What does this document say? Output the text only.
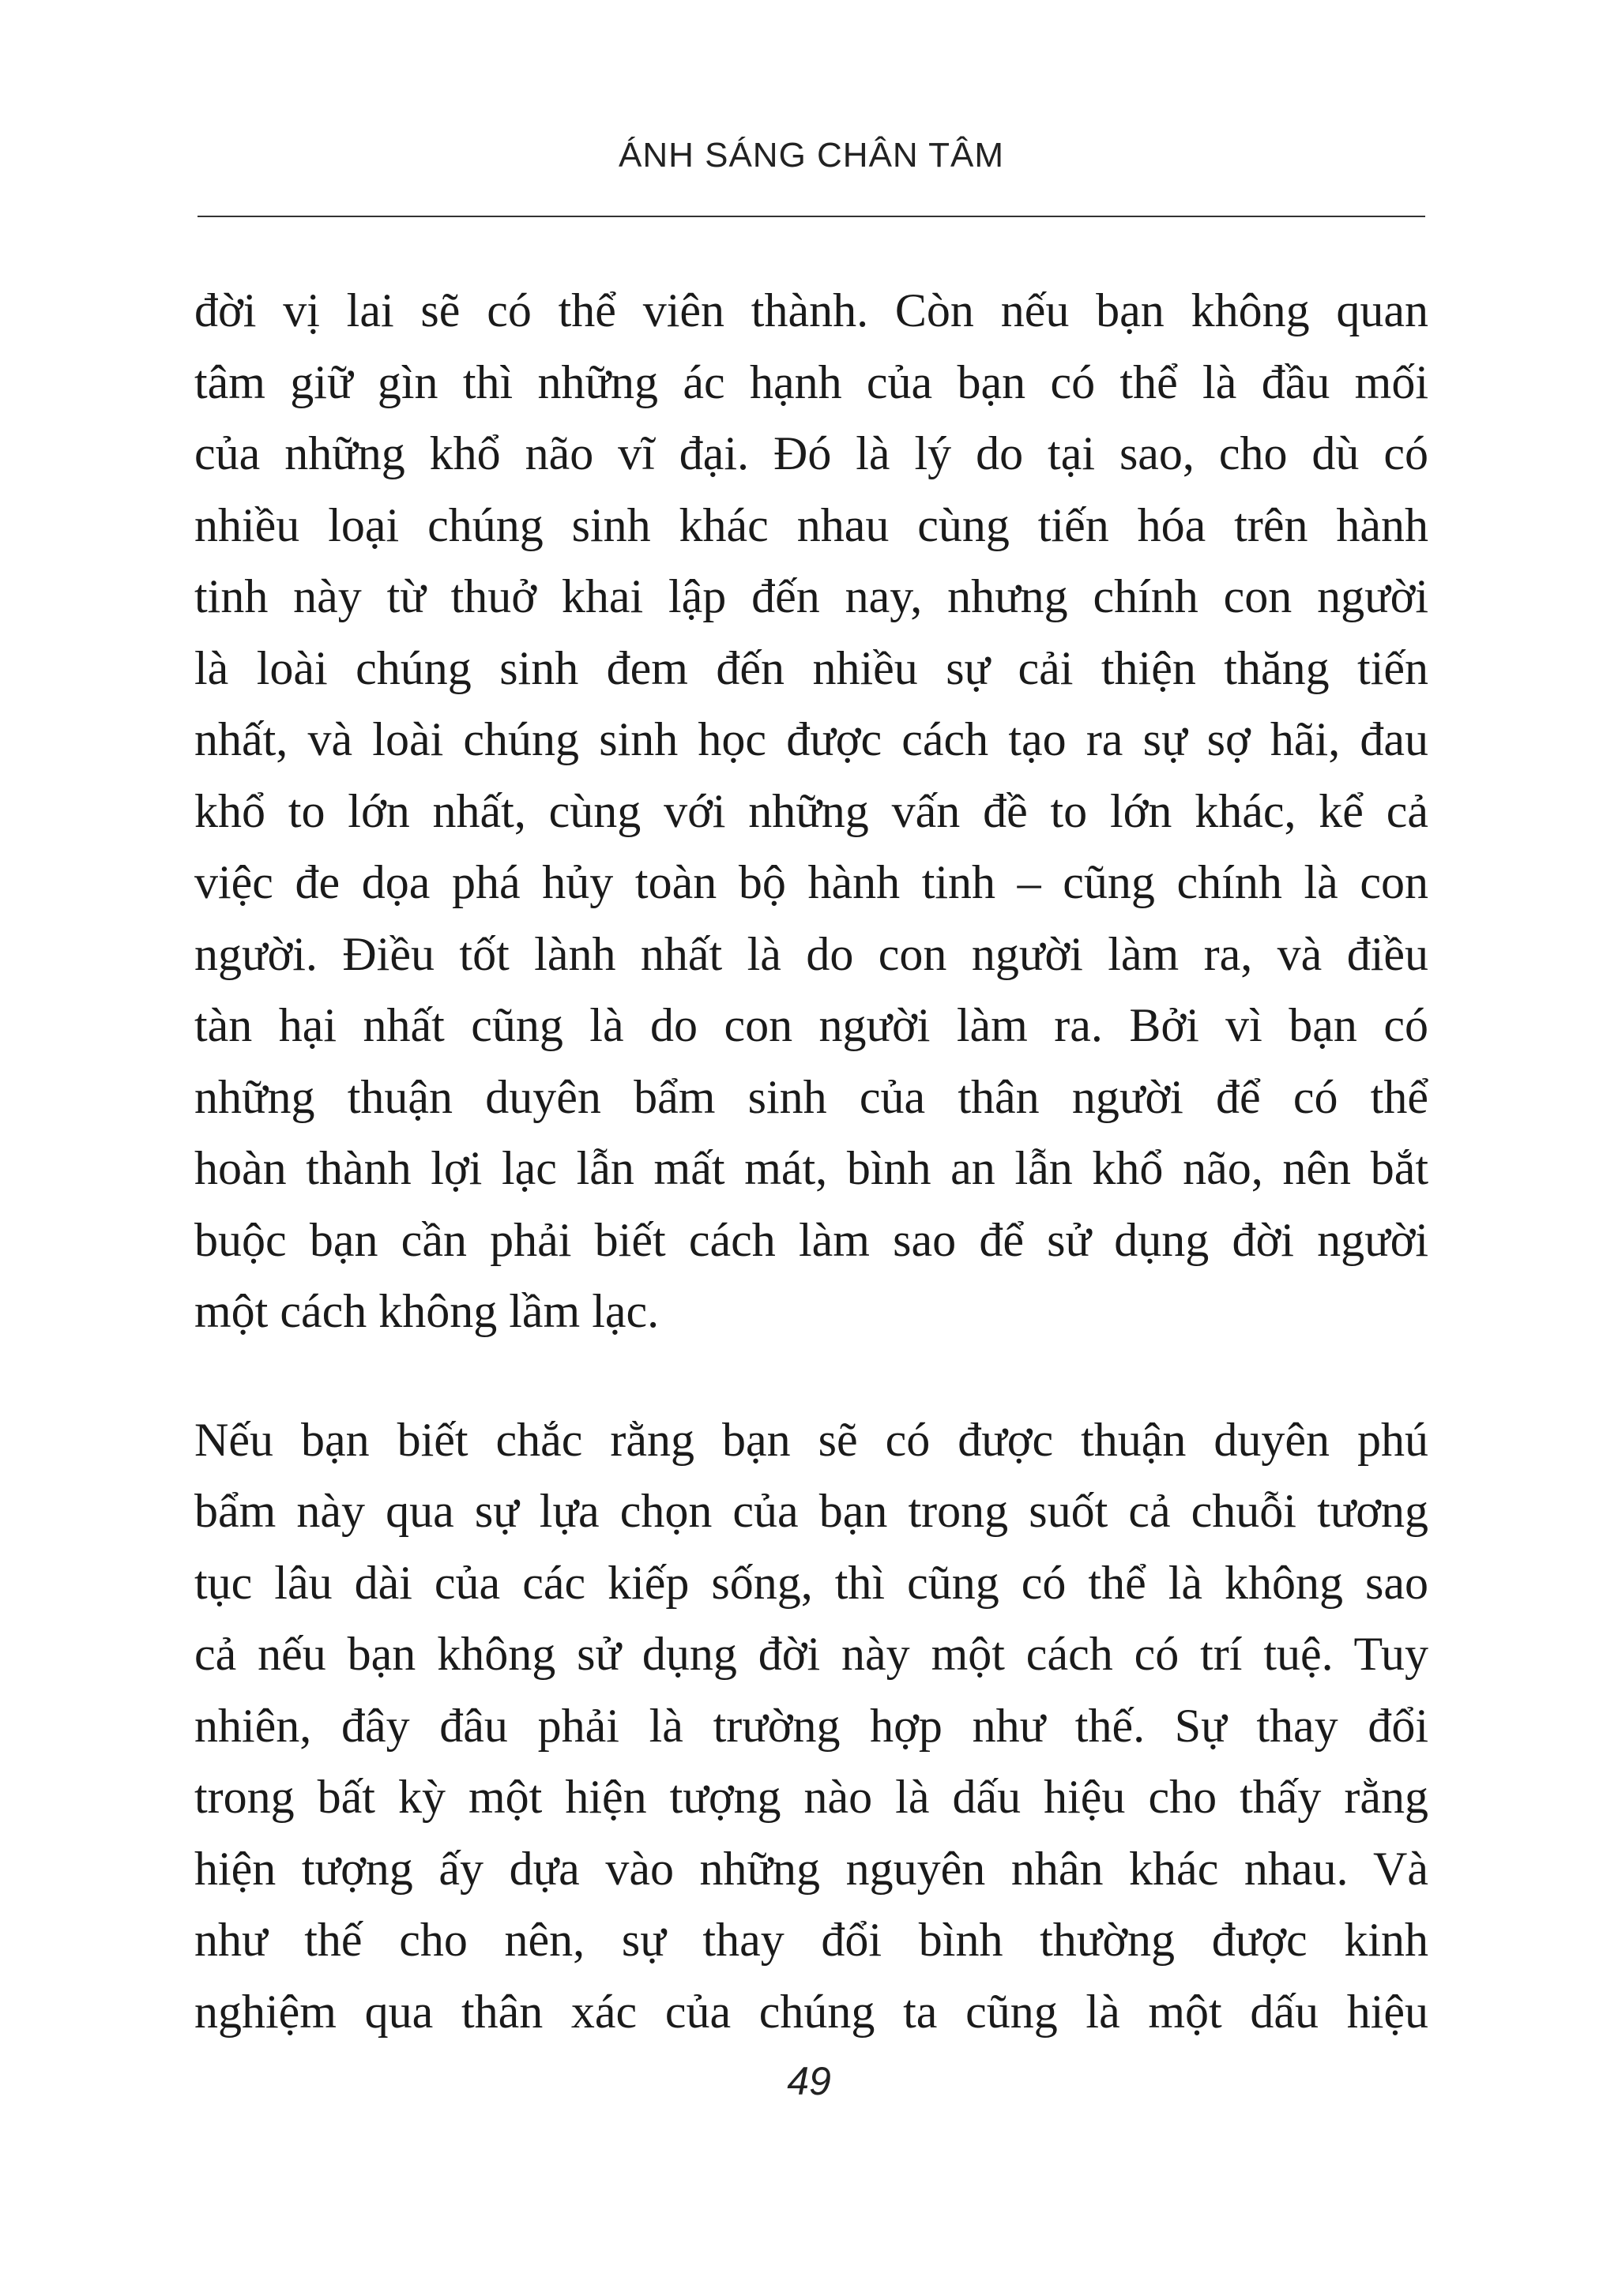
ÁNH SÁNG CHÂN TÂM
đời vị lai sẽ có thể viên thành. Còn nếu bạn không quan
tâm giữ gìn thì những ác hạnh của bạn có thể là đầu mối
của những khổ não vĩ đại. Đó là lý do tại sao, cho dù có
nhiều loại chúng sinh khác nhau cùng tiến hóa trên hành
tinh này từ thuở khai lập đến nay, nhưng chính con người
là loài chúng sinh đem đến nhiều sự cải thiện thăng tiến
nhất, và loài chúng sinh học được cách tạo ra sự sợ hãi, đau
khổ to lớn nhất, cùng với những vấn đề to lớn khác, kể cả
việc đe dọa phá hủy toàn bộ hành tinh – cũng chính là con
người. Điều tốt lành nhất là do con người làm ra, và điều
tàn hại nhất cũng là do con người làm ra. Bởi vì bạn có
những thuận duyên bẩm sinh của thân người để có thể
hoàn thành lợi lạc lẫn mất mát, bình an lẫn khổ não, nên bắt
buộc bạn cần phải biết cách làm sao để sử dụng đời người
một cách không lầm lạc.
Nếu bạn biết chắc rằng bạn sẽ có được thuận duyên phú
bẩm này qua sự lựa chọn của bạn trong suốt cả chuỗi tương
tục lâu dài của các kiếp sống, thì cũng có thể là không sao
cả nếu bạn không sử dụng đời này một cách có trí tuệ. Tuy
nhiên, đây đâu phải là trường hợp như thế. Sự thay đổi
trong bất kỳ một hiện tượng nào là dấu hiệu cho thấy rằng
hiện tượng ấy dựa vào những nguyên nhân khác nhau. Và
như thế cho nên, sự thay đổi bình thường được kinh
nghiệm qua thân xác của chúng ta cũng là một dấu hiệu
49
